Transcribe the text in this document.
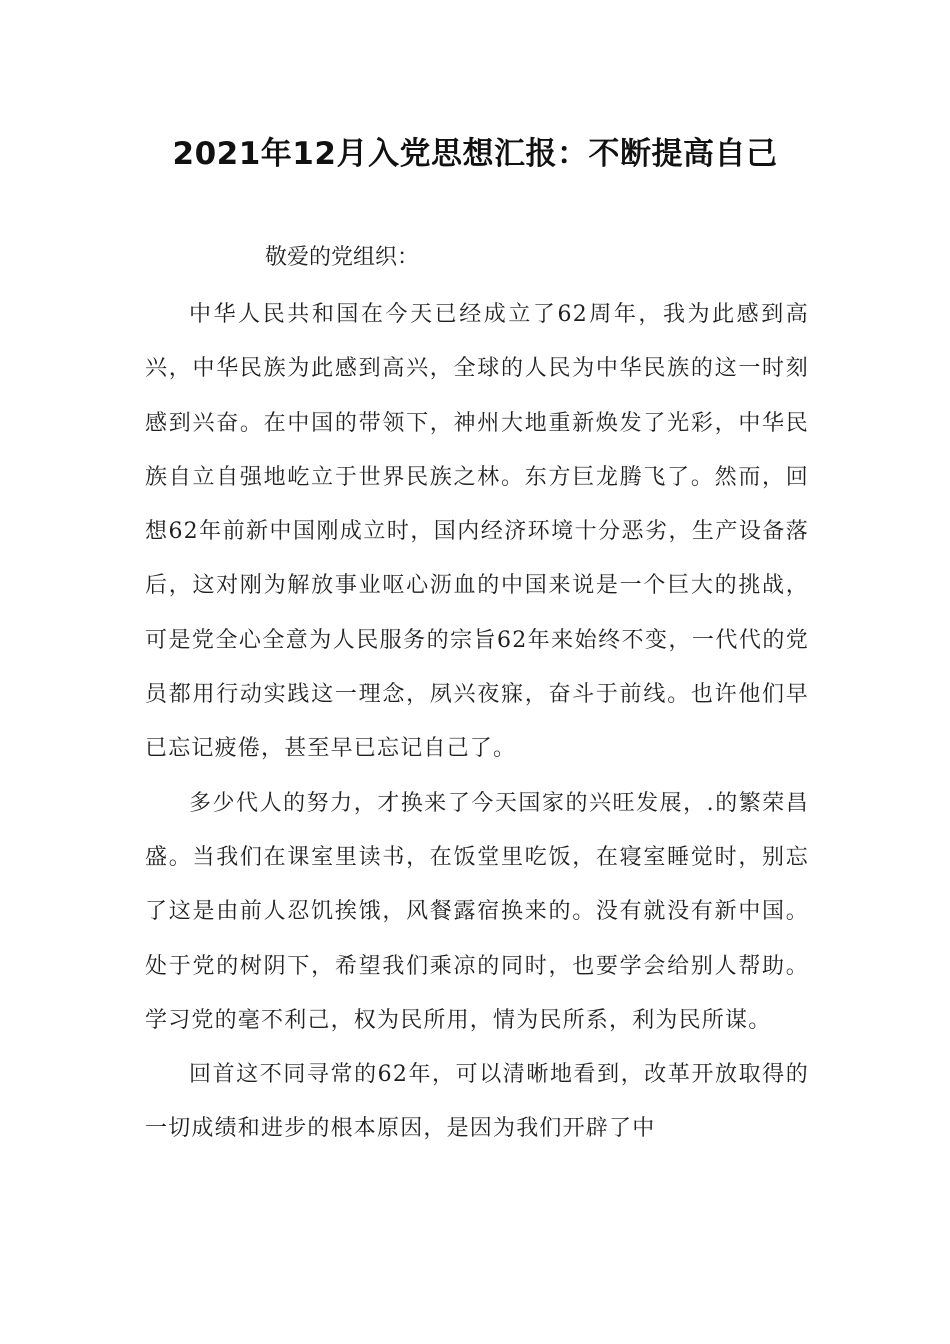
2021年12月入党思想汇报：不断提高自己

敬爱的党组织：

中华人民共和国在今天已经成立了62周年，我为此感到高兴，中华民族为此感到高兴，全球的人民为中华民族的这一时刻感到兴奋。在中国的带领下，神州大地重新焕发了光彩，中华民族自立自强地屹立于世界民族之林。东方巨龙腾飞了。然而，回想62年前新中国刚成立时，国内经济环境十分恶劣，生产设备落后，这对刚为解放事业呕心沥血的中国来说是一个巨大的挑战，可是党全心全意为人民服务的宗旨62年来始终不变，一代代的党员都用行动实践这一理念，夙兴夜寐，奋斗于前线。也许他们早已忘记疲倦，甚至早已忘记自己了。

多少代人的努力，才换来了今天国家的兴旺发展，.的繁荣昌盛。当我们在课室里读书，在饭堂里吃饭，在寝室睡觉时，别忘了这是由前人忍饥挨饿，风餐露宿换来的。没有就没有新中国。处于党的树阴下，希望我们乘凉的同时，也要学会给别人帮助。学习党的毫不利己，权为民所用，情为民所系，利为民所谋。

回首这不同寻常的62年，可以清晰地看到，改革开放取得的一切成绩和进步的根本原因，是因为我们开辟了中
